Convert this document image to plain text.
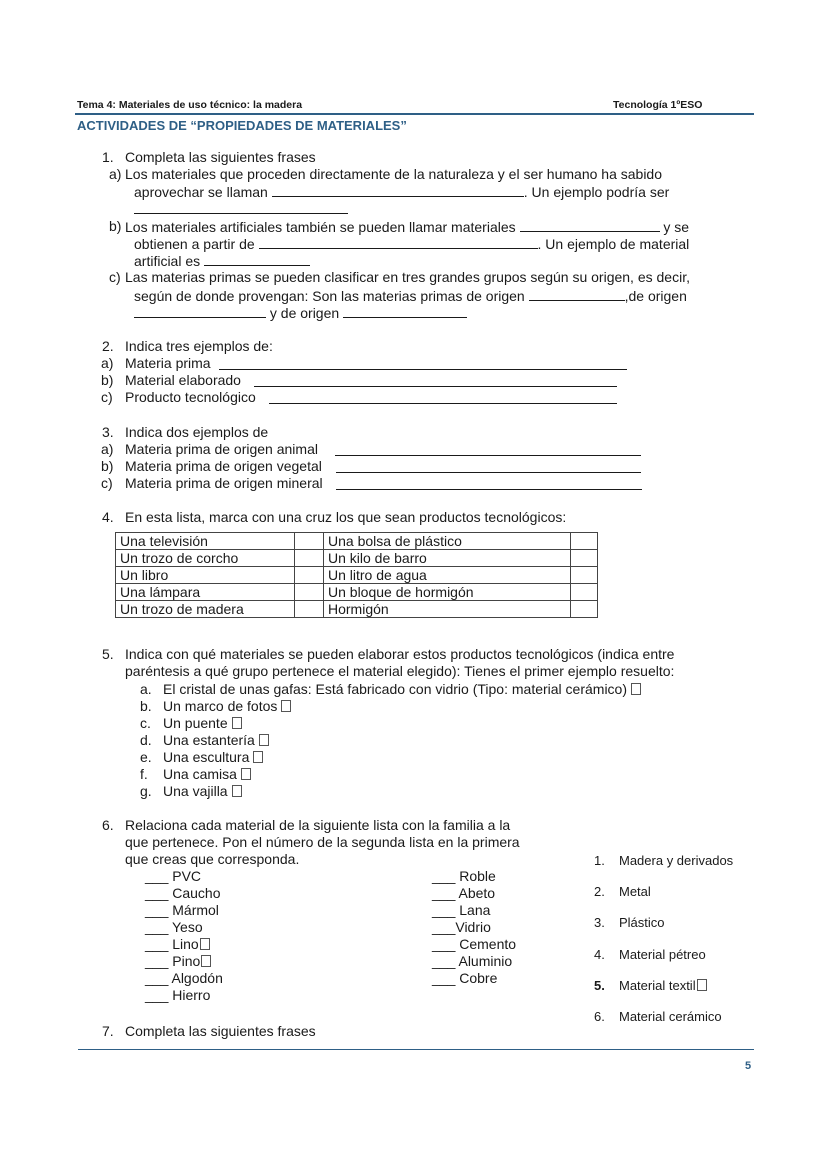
Tema 4: Materiales de uso técnico: la madera	Tecnología 1ºESO
ACTIVIDADES DE “PROPIEDADES DE MATERIALES”
1. Completa las siguientes frases
a) Los materiales que proceden directamente de la naturaleza y el ser humano ha sabido
aprovechar se llaman	. Un ejemplo podría ser
b) Los materiales artificiales también se pueden llamar materiales	y se
obtienen a partir de	. Un ejemplo de material
artificial es
c) Las materias primas se pueden clasificar en tres grandes grupos según su origen, es decir,
según de donde provengan: Son las materias primas de origen	,de origen
y de origen
2. Indica tres ejemplos de:
a) Materia prima
b) Material elaborado
c) Producto tecnológico
3. Indica dos ejemplos de
a) Materia prima de origen animal
b) Materia prima de origen vegetal
c) Materia prima de origen mineral
4. En esta lista, marca con una cruz los que sean productos tecnológicos:
Una televisión		Una bolsa de plástico	
Un trozo de corcho		Un kilo de barro	
Un libro		Un litro de agua	
Una lámpara		Un bloque de hormigón	
Un trozo de madera		Hormigón	
5. Indica con qué materiales se pueden elaborar estos productos tecnológicos (indica entre
paréntesis a qué grupo pertenece el material elegido): Tienes el primer ejemplo resuelto:
a. El cristal de unas gafas: Está fabricado con vidrio (Tipo: material cerámico)
b. Un marco de fotos
c. Un puente
d. Una estantería
e. Una escultura
f. Una camisa
g. Una vajilla
6. Relaciona cada material de la siguiente lista con la familia a la
que pertenece. Pon el número de la segunda lista en la primera
que creas que corresponda.
___ PVC
___ Caucho
___ Mármol
___ Yeso
___ Lino
___ Pino
___ Algodón
___ Hierro
___ Roble
___ Abeto
___ Lana
___Vidrio
___ Cemento
___ Aluminio
___ Cobre
1. Madera y derivados
2. Metal
3. Plástico
4. Material pétreo
5. Material textil
6. Material cerámico
7. Completa las siguientes frases
5
